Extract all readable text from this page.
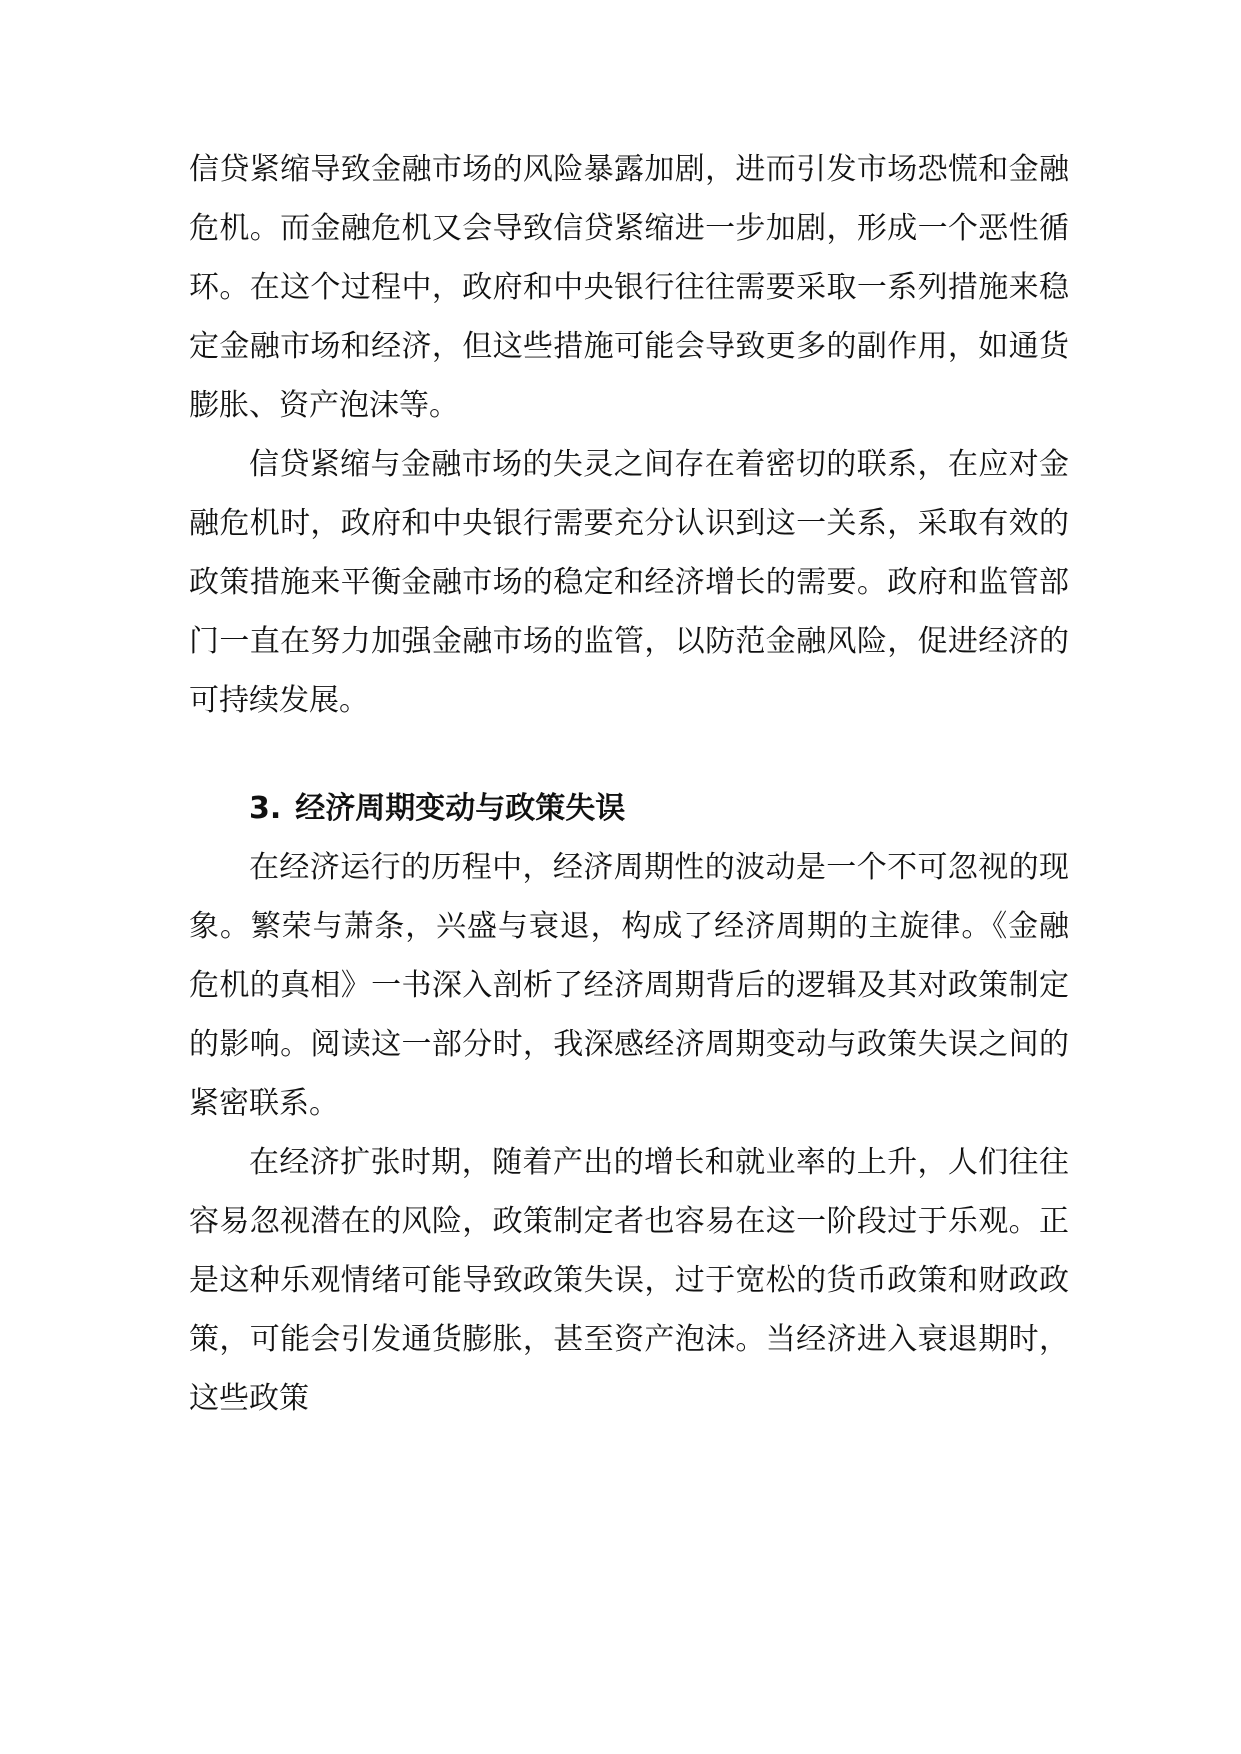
信贷紧缩导致金融市场的风险暴露加剧，进而引发市场恐慌和金融危机。而金融危机又会导致信贷紧缩进一步加剧，形成一个恶性循环。在这个过程中，政府和中央银行往往需要采取一系列措施来稳定金融市场和经济，但这些措施可能会导致更多的副作用，如通货膨胀、资产泡沫等。

信贷紧缩与金融市场的失灵之间存在着密切的联系，在应对金融危机时，政府和中央银行需要充分认识到这一关系，采取有效的政策措施来平衡金融市场的稳定和经济增长的需要。政府和监管部门一直在努力加强金融市场的监管，以防范金融风险，促进经济的可持续发展。

3. 经济周期变动与政策失误

在经济运行的历程中，经济周期性的波动是一个不可忽视的现象。繁荣与萧条，兴盛与衰退，构成了经济周期的主旋律。《金融危机的真相》一书深入剖析了经济周期背后的逻辑及其对政策制定的影响。阅读这一部分时，我深感经济周期变动与政策失误之间的紧密联系。

在经济扩张时期，随着产出的增长和就业率的上升，人们往往容易忽视潜在的风险，政策制定者也容易在这一阶段过于乐观。正是这种乐观情绪可能导致政策失误，过于宽松的货币政策和财政政策，可能会引发通货膨胀，甚至资产泡沫。当经济进入衰退期时，这些政策
